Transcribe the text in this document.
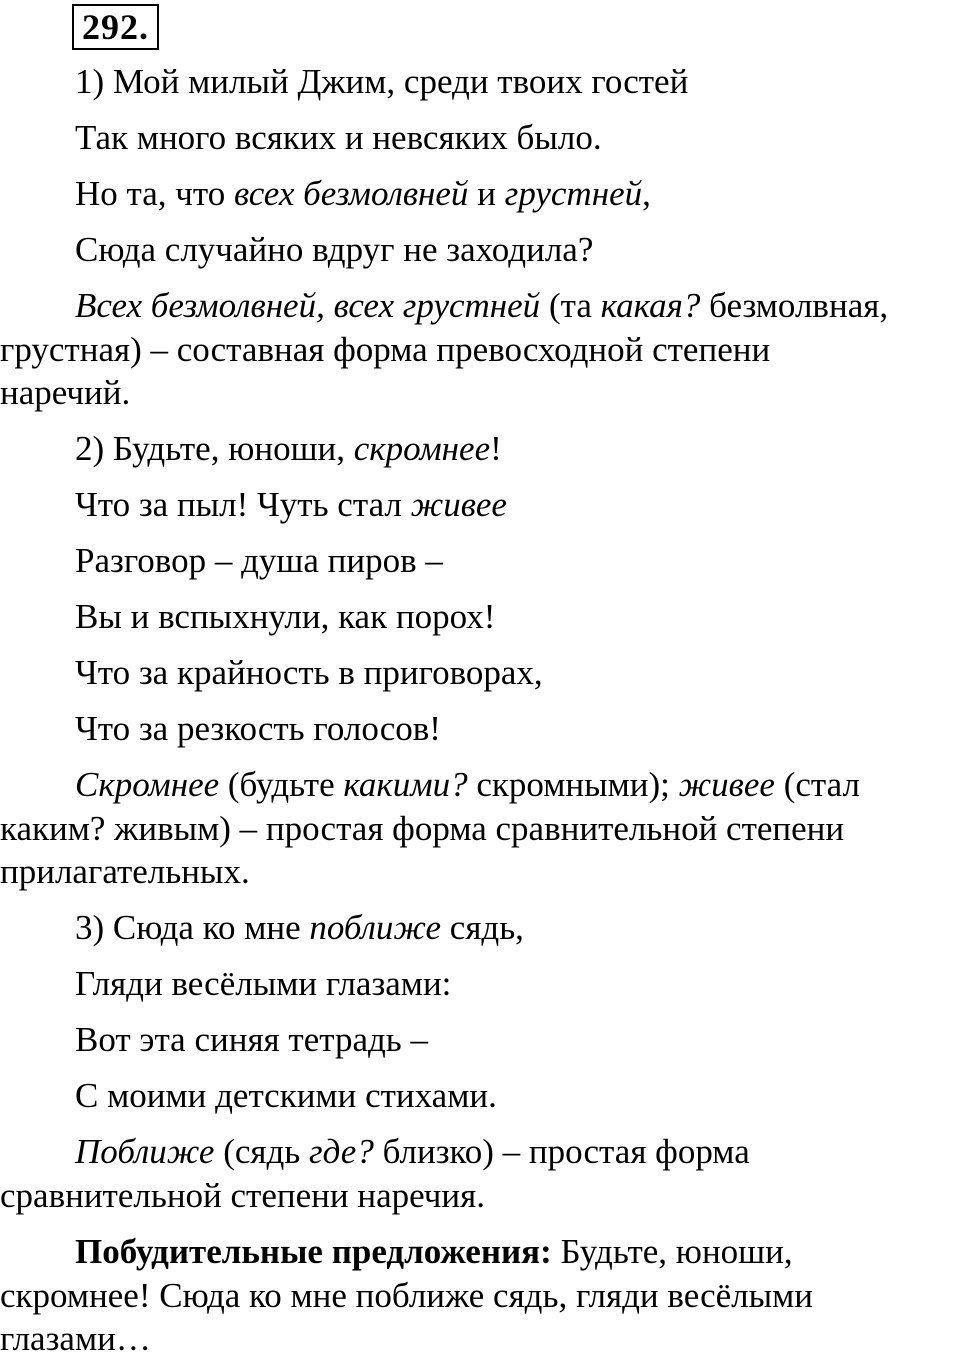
292.
1) Мой милый Джим, среди твоих гостей
Так много всяких и невсяких было.
Но та, что всех безмолвней и грустней,
Сюда случайно вдруг не заходила?
Всех безмолвней, всех грустней (та какая? безмолвная,
грустная) – составная форма превосходной степени
наречий.
2) Будьте, юноши, скромнее!
Что за пыл! Чуть стал живее
Разговор – душа пиров –
Вы и вспыхнули, как порох!
Что за крайность в приговорах,
Что за резкость голосов!
Скромнее (будьте какими? скромными); живее (стал
каким? живым) – простая форма сравнительной степени
прилагательных.
3) Сюда ко мне поближе сядь,
Гляди весёлыми глазами:
Вот эта синяя тетрадь –
С моими детскими стихами.
Поближе (сядь где? близко) – простая форма
сравнительной степени наречия.
Побудительные предложения: Будьте, юноши,
скромнее! Сюда ко мне поближе сядь, гляди весёлыми
глазами…
